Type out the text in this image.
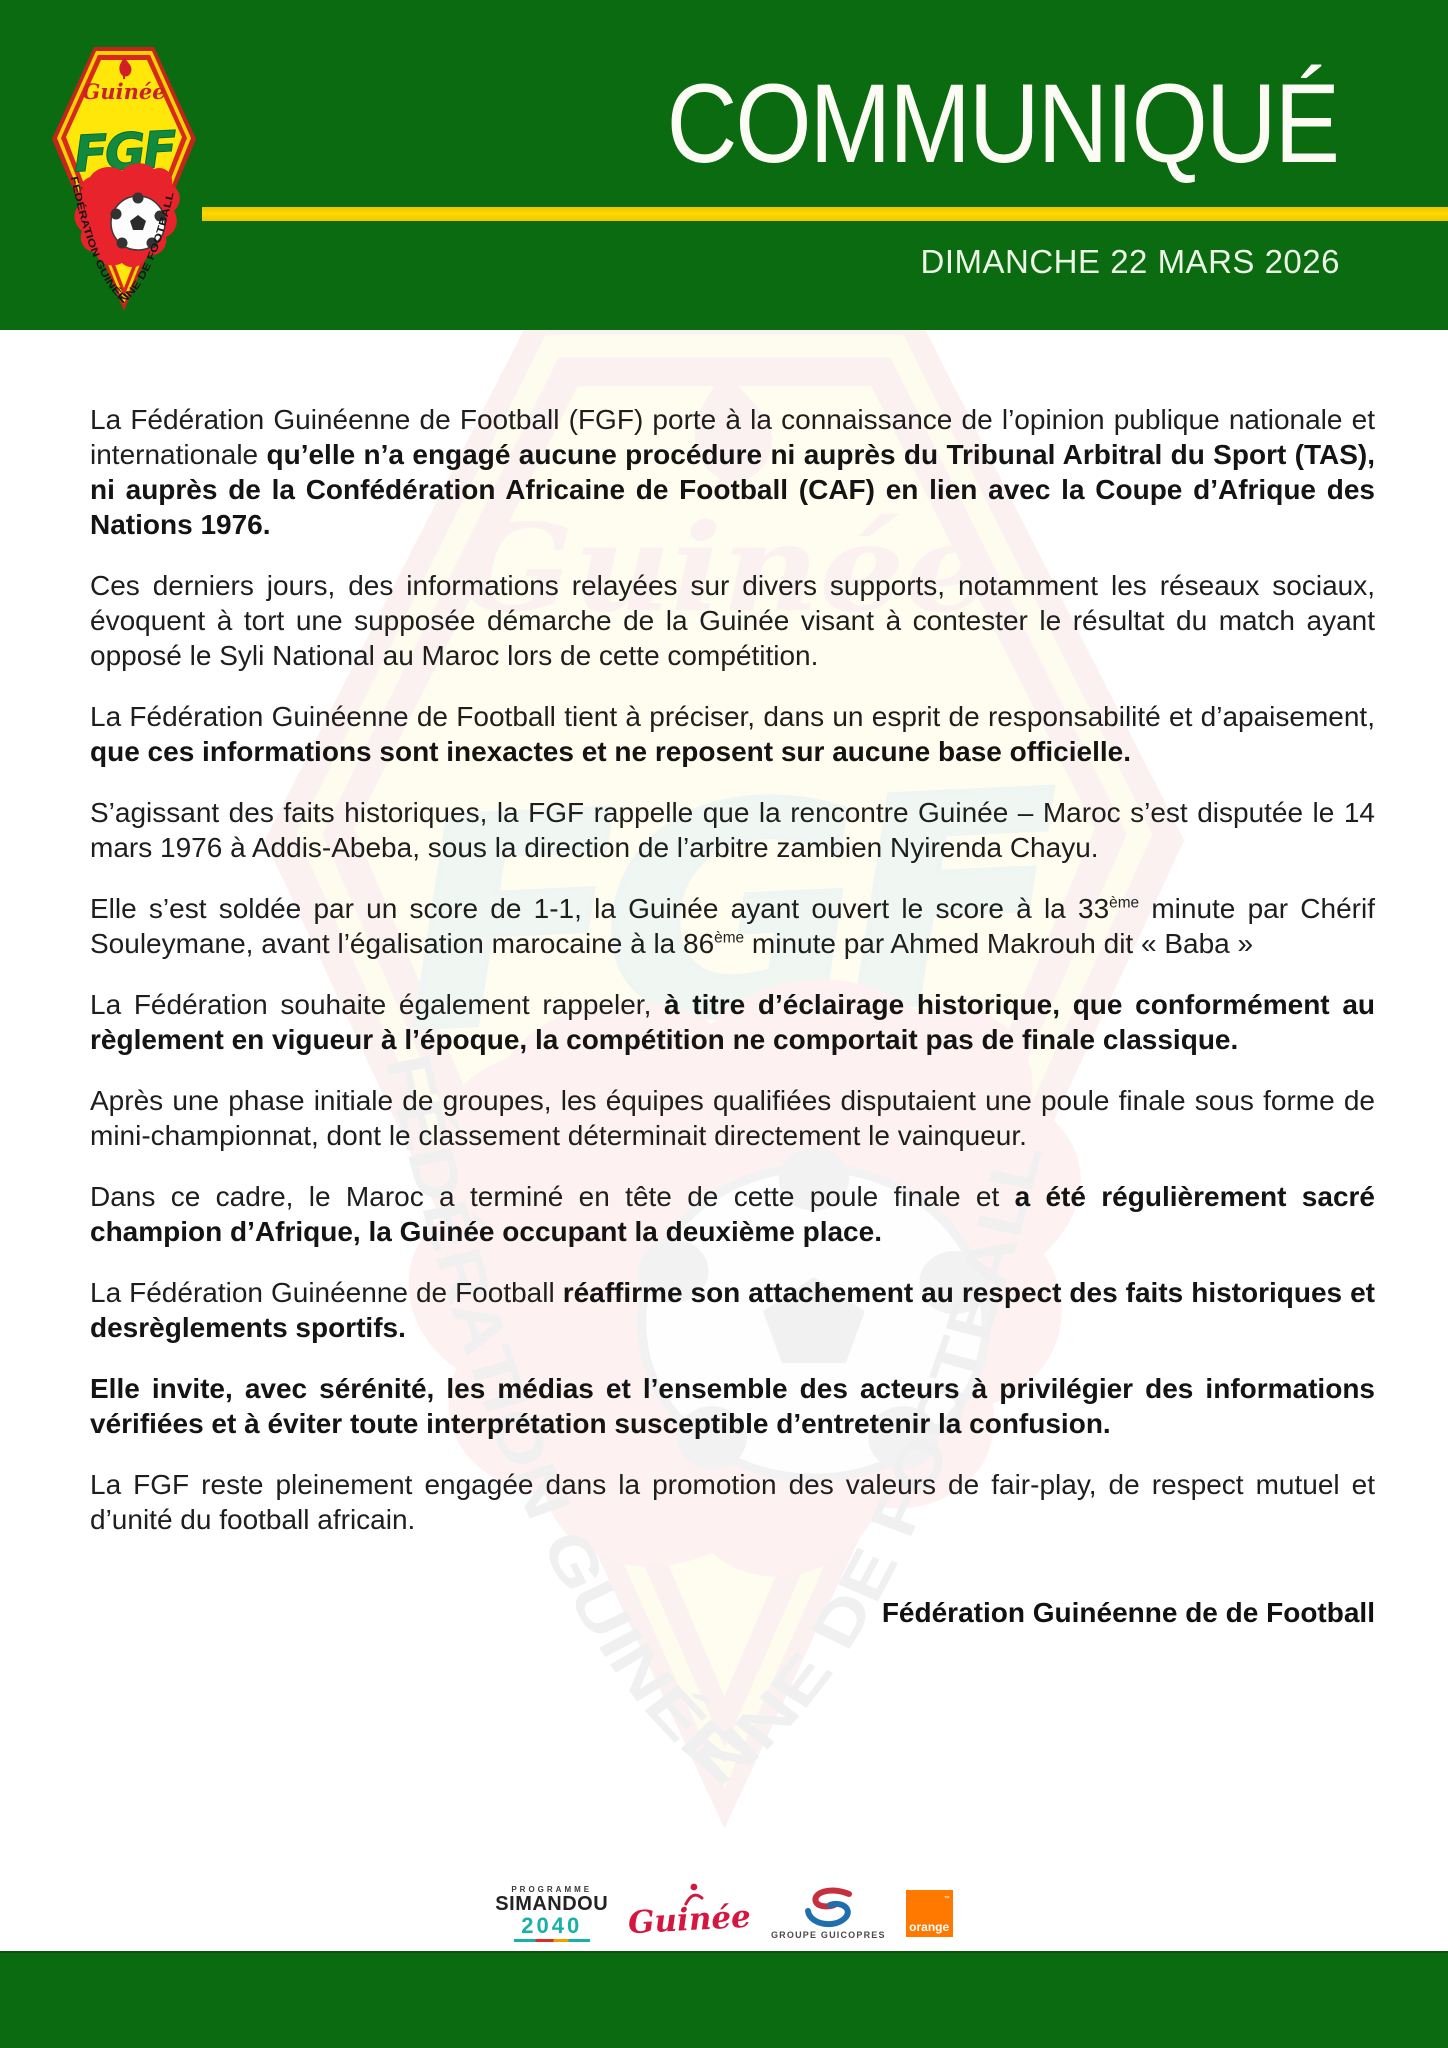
COMMUNIQUÉ
DIMANCHE 22 MARS 2026

La Fédération Guinéenne de Football (FGF) porte à la connaissance de l’opinion publique nationale et internationale qu’elle n’a engagé aucune procédure ni auprès du Tribunal Arbitral du Sport (TAS), ni auprès de la Confédération Africaine de Football (CAF) en lien avec la Coupe d’Afrique des Nations 1976.

Ces derniers jours, des informations relayées sur divers supports, notamment les réseaux sociaux, évoquent à tort une supposée démarche de la Guinée visant à contester le résultat du match ayant opposé le Syli National au Maroc lors de cette compétition.

La Fédération Guinéenne de Football tient à préciser, dans un esprit de responsabilité et d’apaisement, que ces informations sont inexactes et ne reposent sur aucune base officielle.

S’agissant des faits historiques, la FGF rappelle que la rencontre Guinée – Maroc s’est disputée le 14 mars 1976 à Addis-Abeba, sous la direction de l’arbitre zambien Nyirenda Chayu.

Elle s’est soldée par un score de 1-1, la Guinée ayant ouvert le score à la 33ème minute par Chérif Souleymane, avant l’égalisation marocaine à la 86ème minute par Ahmed Makrouh dit « Baba »

La Fédération souhaite également rappeler, à titre d’éclairage historique, que conformément au règlement en vigueur à l’époque, la compétition ne comportait pas de finale classique.

Après une phase initiale de groupes, les équipes qualifiées disputaient une poule finale sous forme de mini-championnat, dont le classement déterminait directement le vainqueur.

Dans ce cadre, le Maroc a terminé en tête de cette poule finale et a été régulièrement sacré champion d’Afrique, la Guinée occupant la deuxième place.

La Fédération Guinéenne de Football réaffirme son attachement au respect des faits historiques et desrèglements sportifs.

Elle invite, avec sérénité, les médias et l’ensemble des acteurs à privilégier des informations vérifiées et à éviter toute interprétation susceptible d’entretenir la confusion.

La FGF reste pleinement engagée dans la promotion des valeurs de fair-play, de respect mutuel et d’unité du football africain.

Fédération Guinéenne de de Football
PROGRAMME
SIMANDOU
2040 Guinée GROUPE GUICOPRES
™
orange
